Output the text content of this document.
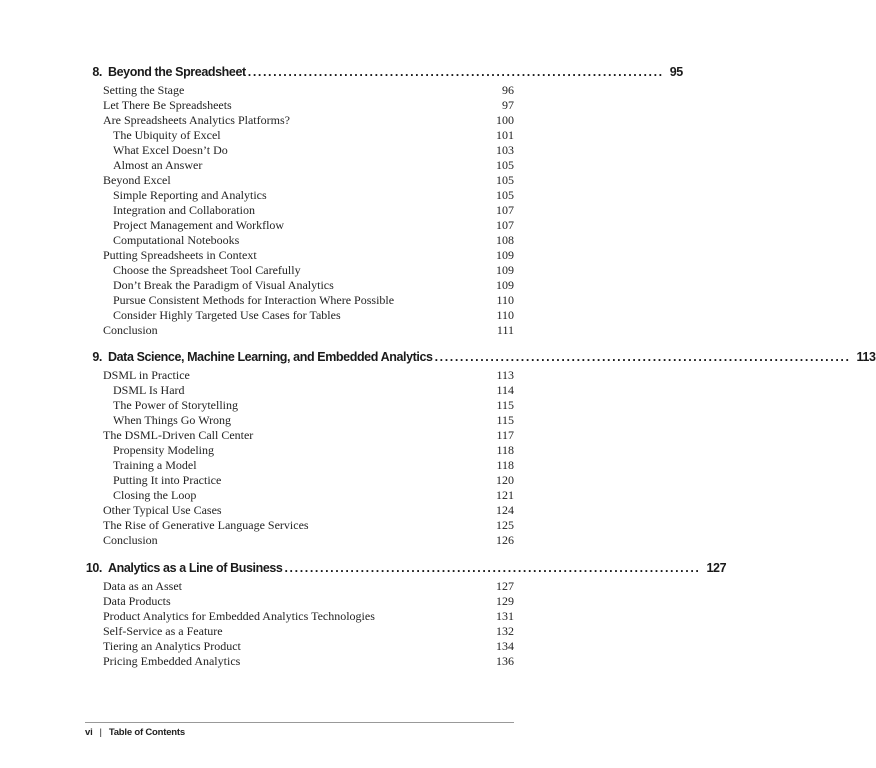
8. Beyond the Spreadsheet .................................................................................. 95
Setting the Stage	96
Let There Be Spreadsheets	97
Are Spreadsheets Analytics Platforms?	100
The Ubiquity of Excel	101
What Excel Doesn’t Do	103
Almost an Answer	105
Beyond Excel	105
Simple Reporting and Analytics	105
Integration and Collaboration	107
Project Management and Workflow	107
Computational Notebooks	108
Putting Spreadsheets in Context	109
Choose the Spreadsheet Tool Carefully	109
Don’t Break the Paradigm of Visual Analytics	109
Pursue Consistent Methods for Interaction Where Possible	110
Consider Highly Targeted Use Cases for Tables	110
Conclusion	111
9. Data Science, Machine Learning, and Embedded Analytics .................................................................................. 113
DSML in Practice	113
DSML Is Hard	114
The Power of Storytelling	115
When Things Go Wrong	115
The DSML-Driven Call Center	117
Propensity Modeling	118
Training a Model	118
Putting It into Practice	120
Closing the Loop	121
Other Typical Use Cases	124
The Rise of Generative Language Services	125
Conclusion	126
10. Analytics as a Line of Business .................................................................................. 127
Data as an Asset	127
Data Products	129
Product Analytics for Embedded Analytics Technologies	131
Self-Service as a Feature	132
Tiering an Analytics Product	134
Pricing Embedded Analytics	136
vi | Table of Contents
